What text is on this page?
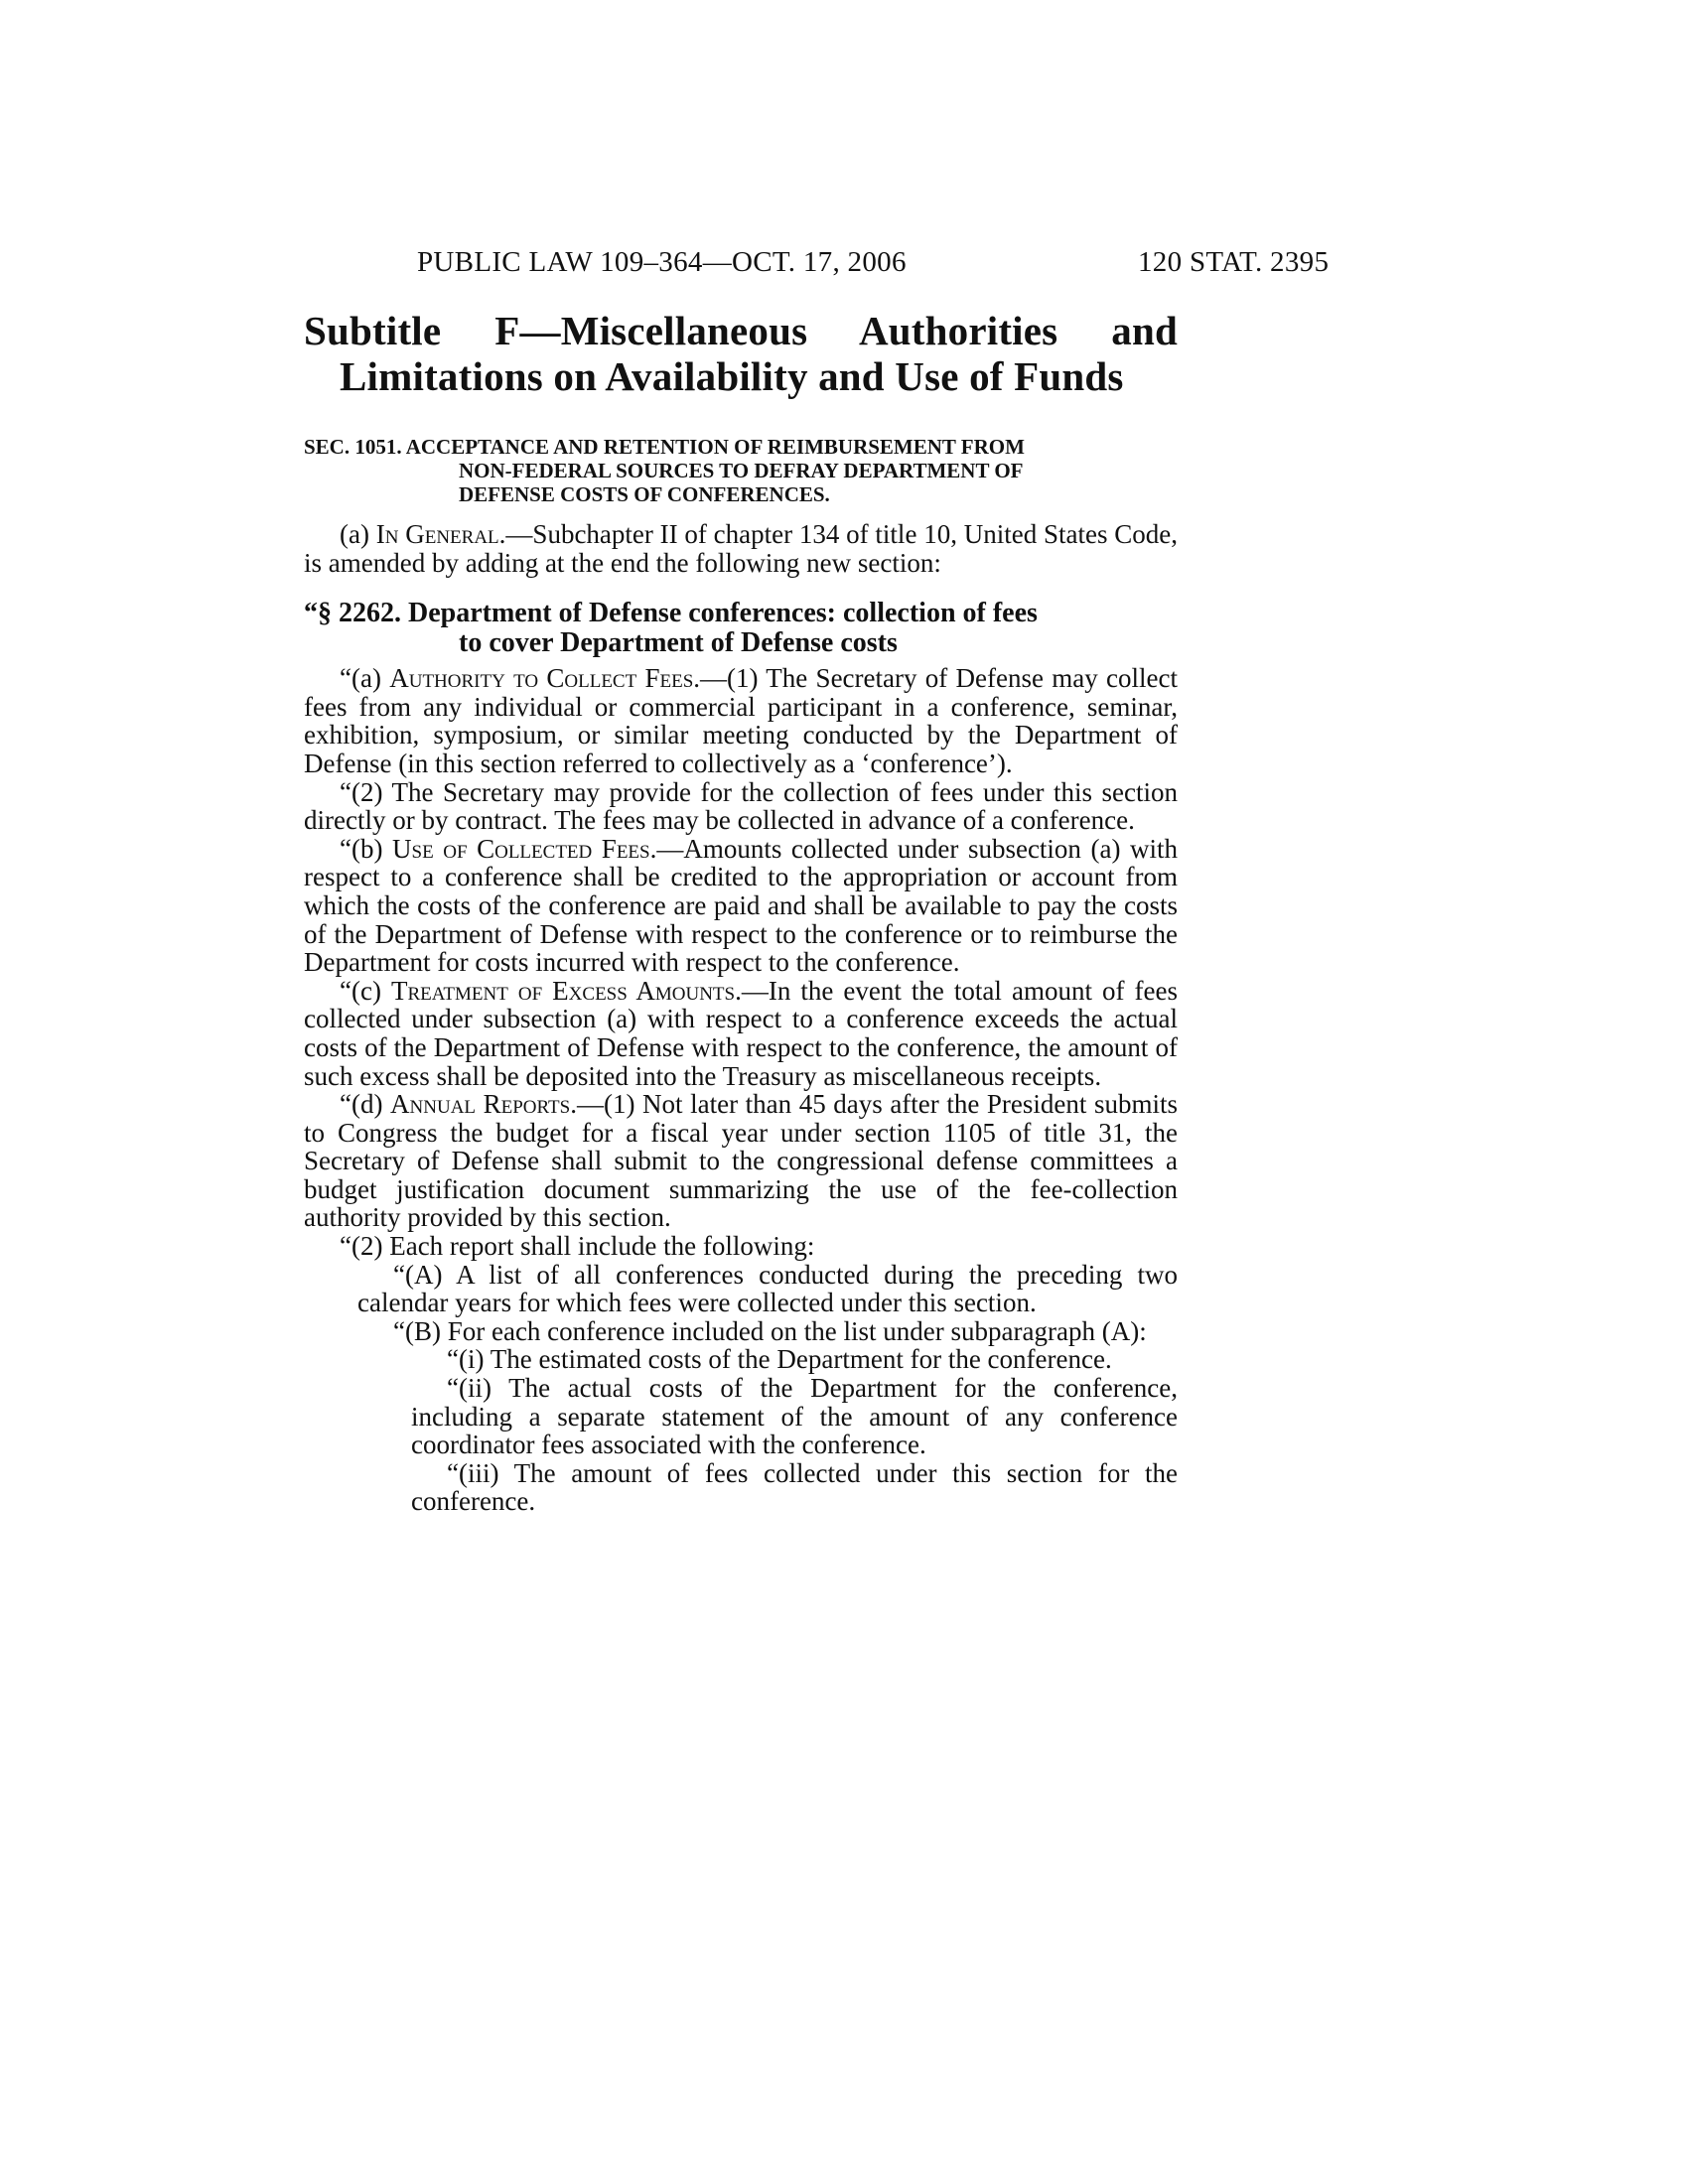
PUBLIC LAW 109–364—OCT. 17, 2006	120 STAT. 2395
Subtitle F—Miscellaneous Authorities and Limitations on Availability and Use of Funds
SEC. 1051. ACCEPTANCE AND RETENTION OF REIMBURSEMENT FROM
NON-FEDERAL SOURCES TO DEFRAY DEPARTMENT OF
DEFENSE COSTS OF CONFERENCES.

(a) In General.—Subchapter II of chapter 134 of title 10, United States Code, is amended by adding at the end the following new section:

“§ 2262. Department of Defense conferences: collection of fees
to cover Department of Defense costs

“(a) Authority to Collect Fees.—(1) The Secretary of Defense may collect fees from any individual or commercial participant in a conference, seminar, exhibition, symposium, or similar meeting conducted by the Department of Defense (in this section referred to collectively as a ‘conference’).

“(2) The Secretary may provide for the collection of fees under this section directly or by contract. The fees may be collected in advance of a conference.

“(b) Use of Collected Fees.—Amounts collected under subsection (a) with respect to a conference shall be credited to the appropriation or account from which the costs of the conference are paid and shall be available to pay the costs of the Department of Defense with respect to the conference or to reimburse the Department for costs incurred with respect to the conference.

“(c) Treatment of Excess Amounts.—In the event the total amount of fees collected under subsection (a) with respect to a conference exceeds the actual costs of the Department of Defense with respect to the conference, the amount of such excess shall be deposited into the Treasury as miscellaneous receipts.

“(d) Annual Reports.—(1) Not later than 45 days after the President submits to Congress the budget for a fiscal year under section 1105 of title 31, the Secretary of Defense shall submit to the congressional defense committees a budget justification document summarizing the use of the fee-collection authority provided by this section.

“(2) Each report shall include the following:

“(A) A list of all conferences conducted during the preceding two calendar years for which fees were collected under this section.

“(B) For each conference included on the list under subparagraph (A):

“(i) The estimated costs of the Department for the conference.

“(ii) The actual costs of the Department for the conference, including a separate statement of the amount of any conference coordinator fees associated with the conference.

“(iii) The amount of fees collected under this section for the conference.
